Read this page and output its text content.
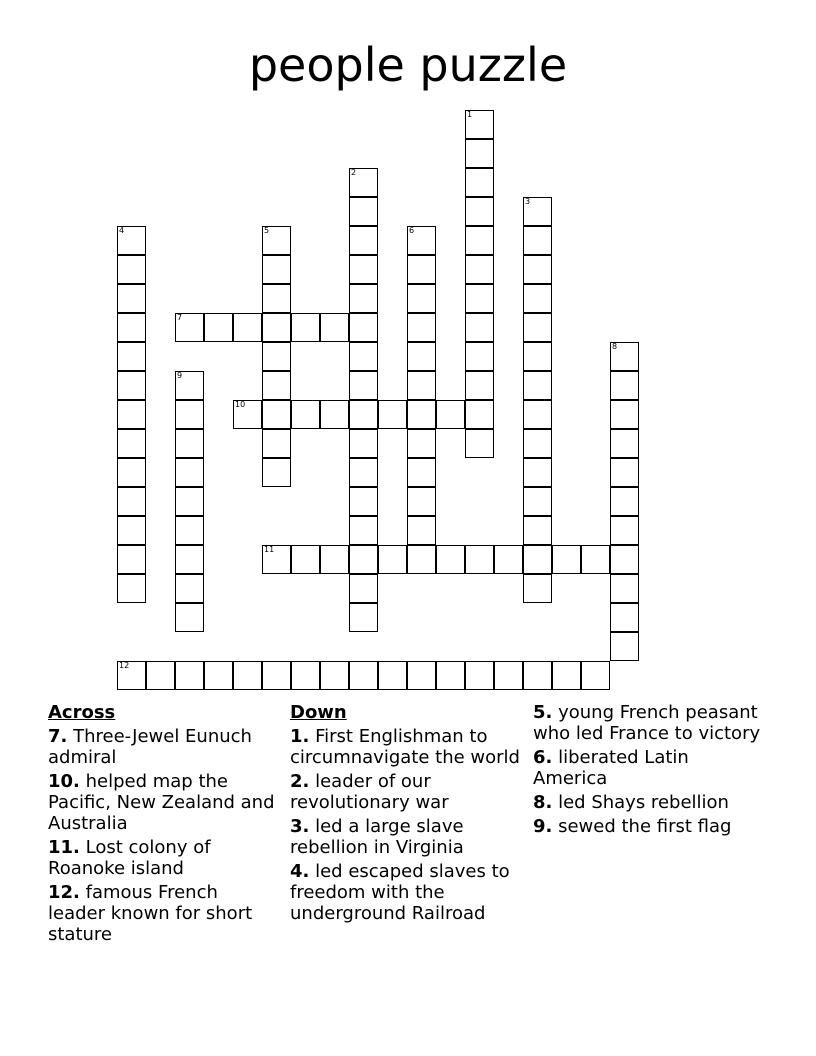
people puzzle
1
2
3
4	5	6
7
8
9
10
11
12
Across
7. Three-Jewel Eunuch admiral
10. helped map the Pacific, New Zealand and Australia
11. Lost colony of Roanoke island
12. famous French leader known for short stature
Down
1. First Englishman to circumnavigate the world
2. leader of our revolutionary war
3. led a large slave rebellion in Virginia
4. led escaped slaves to freedom with the underground Railroad
5. young French peasant who led France to victory
6. liberated Latin America
8. led Shays rebellion
9. sewed the first flag
